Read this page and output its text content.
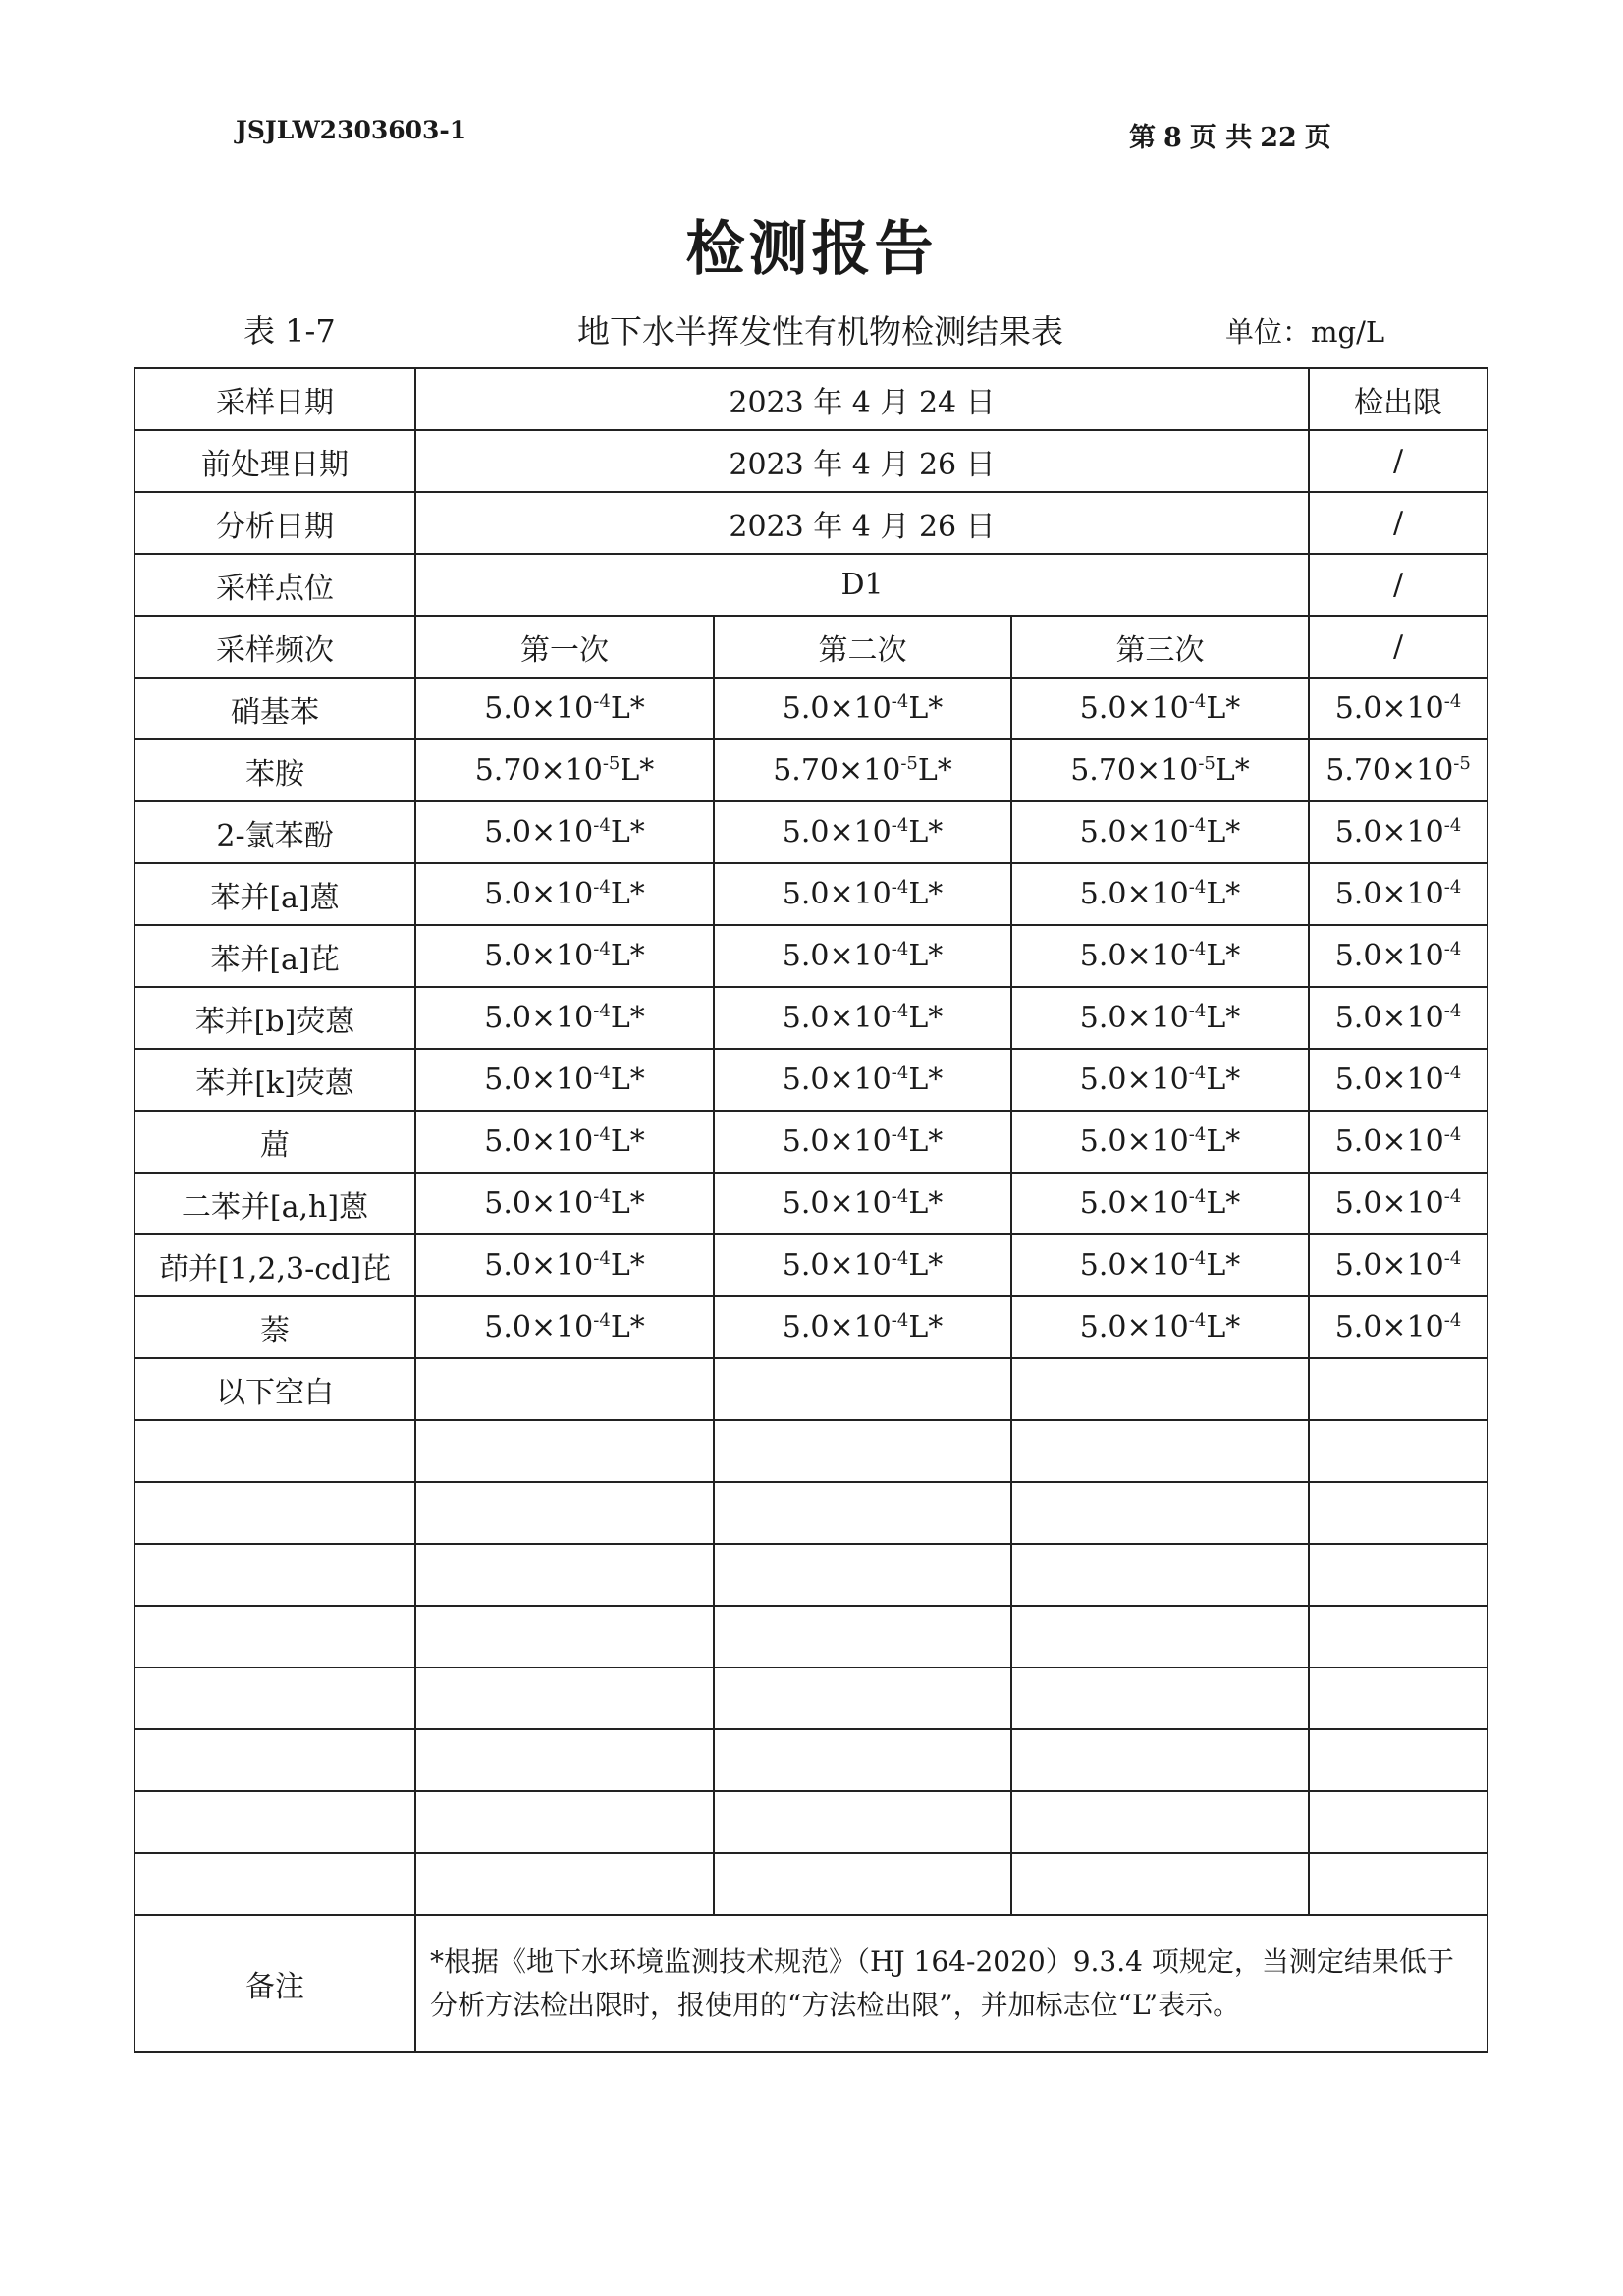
JSJLW2303603-1	第 8 页 共 22 页
检测报告
表 1-7	地下水半挥发性有机物检测结果表	单位：mg/L
采样日期	2023 年 4 月 24 日			检出限
前处理日期	2023 年 4 月 26 日			/
分析日期	2023 年 4 月 26 日			/
采样点位	D1			/
采样频次	第一次	第二次	第三次	/
硝基苯	$5.0\times 10^{-4}L*$	$5.0\times 10^{-4}L*$	$5.0\times 10^{-4}L*$	$5.0\times 10^{-4}$
苯胺	$5.70\times 10^{-5}L*$	$5.70\times 10^{-5}L*$	$5.70\times 10^{-5}L*$	$5.70\times 10^{-5}$
2-氯苯酚	$5.0\times 10^{-4}L*$	$5.0\times 10^{-4}L*$	$5.0\times 10^{-4}L*$	$5.0\times 10^{-4}$
苯并[a]蒽	$5.0\times 10^{-4}L*$	$5.0\times 10^{-4}L*$	$5.0\times 10^{-4}L*$	$5.0\times 10^{-4}$
苯并[a]芘	$5.0\times 10^{-4}L*$	$5.0\times 10^{-4}L*$	$5.0\times 10^{-4}L*$	$5.0\times 10^{-4}$
苯并[b]荧蒽	$5.0\times 10^{-4}L*$	$5.0\times 10^{-4}L*$	$5.0\times 10^{-4}L*$	$5.0\times 10^{-4}$
苯并[k]荧蒽	$5.0\times 10^{-4}L*$	$5.0\times 10^{-4}L*$	$5.0\times 10^{-4}L*$	$5.0\times 10^{-4}$
䓛	$5.0\times 10^{-4}L*$	$5.0\times 10^{-4}L*$	$5.0\times 10^{-4}L*$	$5.0\times 10^{-4}$
二苯并[a,h]蒽	$5.0\times 10^{-4}L*$	$5.0\times 10^{-4}L*$	$5.0\times 10^{-4}L*$	$5.0\times 10^{-4}$
茚并[1,2,3-cd]芘	$5.0\times 10^{-4}L*$	$5.0\times 10^{-4}L*$	$5.0\times 10^{-4}L*$	$5.0\times 10^{-4}$
萘	$5.0\times 10^{-4}L*$	$5.0\times 10^{-4}L*$	$5.0\times 10^{-4}L*$	$5.0\times 10^{-4}$
以下空白				

备注	*根据《地下水环境监测技术规范》（HJ 164-2020）9.3.4 项规定，当测定结果低于分析方法检出限时，报使用的“方法检出限”，并加标志位“L”表示。			
